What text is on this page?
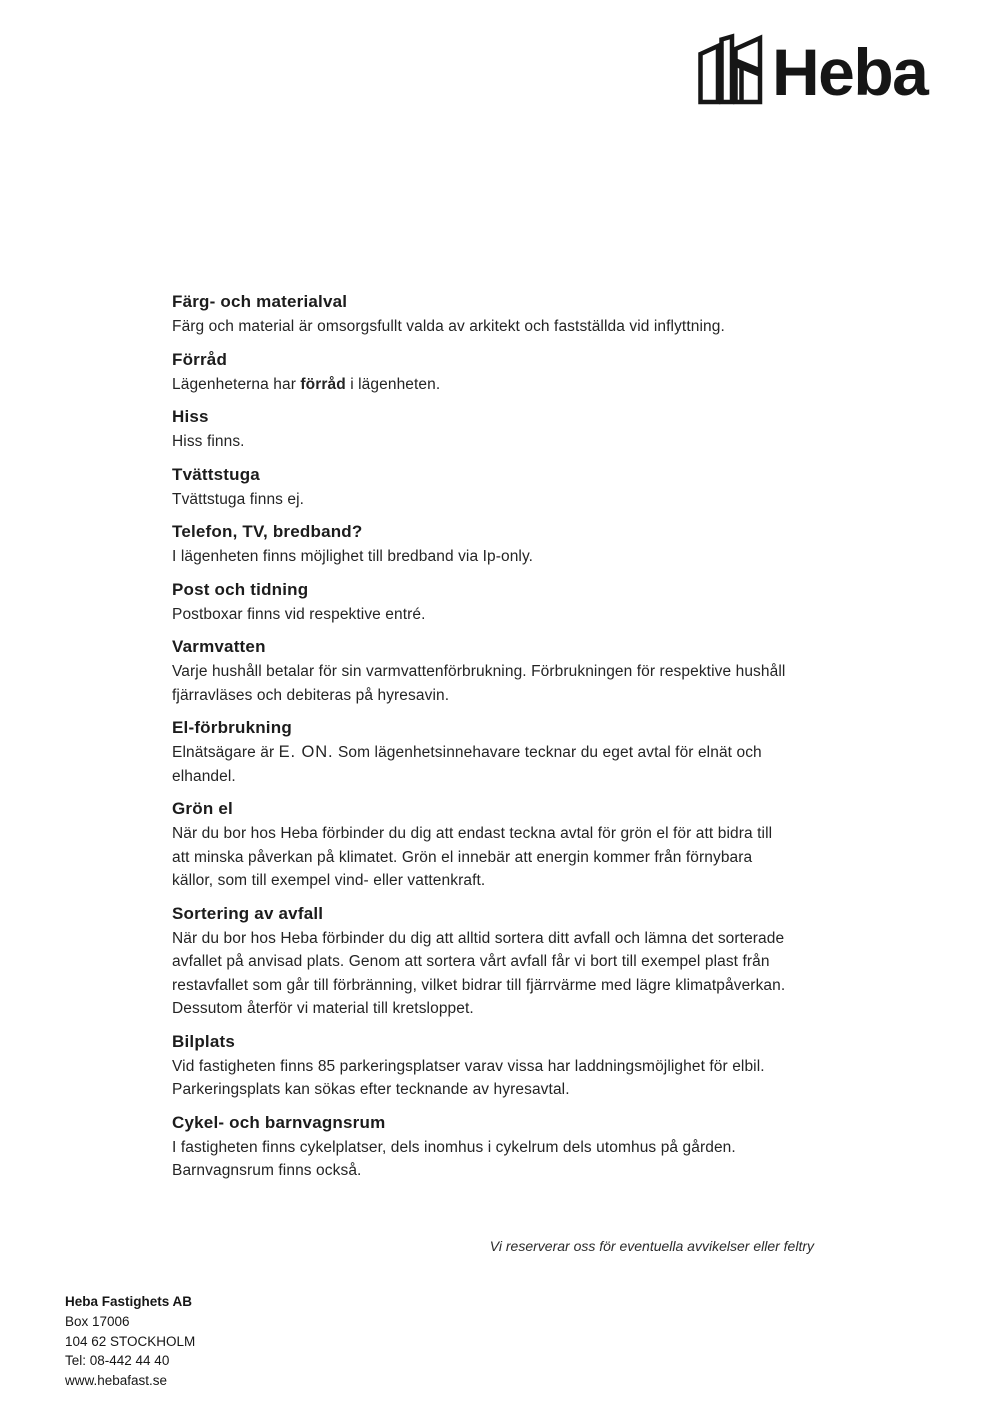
Heba
Färg- och materialval

Färg och material är omsorgsfullt valda av arkitekt och fastställda vid inflyttning.

Förråd

Lägenheterna har förråd i lägenheten.

Hiss

Hiss finns.

Tvättstuga

Tvättstuga finns ej.

Telefon, TV, bredband?

I lägenheten finns möjlighet till bredband via Ip-only.

Post och tidning

Postboxar finns vid respektive entré.

Varmvatten

Varje hushåll betalar för sin varmvattenförbrukning. Förbrukningen för respektive hushåll
fjärravläses och debiteras på hyresavin.

El-förbrukning

Elnätsägare är E. ON. Som lägenhetsinnehavare tecknar du eget avtal för elnät och
elhandel.

Grön el

När du bor hos Heba förbinder du dig att endast teckna avtal för grön el för att bidra till
att minska påverkan på klimatet. Grön el innebär att energin kommer från förnybara
källor, som till exempel vind- eller vattenkraft.

Sortering av avfall

När du bor hos Heba förbinder du dig att alltid sortera ditt avfall och lämna det sorterade
avfallet på anvisad plats. Genom att sortera vårt avfall får vi bort till exempel plast från
restavfallet som går till förbränning, vilket bidrar till fjärrvärme med lägre klimatpåverkan.
Dessutom återför vi material till kretsloppet.

Bilplats

Vid fastigheten finns 85 parkeringsplatser varav vissa har laddningsmöjlighet för elbil.
Parkeringsplats kan sökas efter tecknande av hyresavtal.

Cykel- och barnvagnsrum

I fastigheten finns cykelplatser, dels inomhus i cykelrum dels utomhus på gården.
Barnvagnsrum finns också.

Vi reserverar oss för eventuella avvikelser eller feltry
Heba Fastighets AB
Box 17006
104 62 STOCKHOLM
Tel: 08-442 44 40
www.hebafast.se
